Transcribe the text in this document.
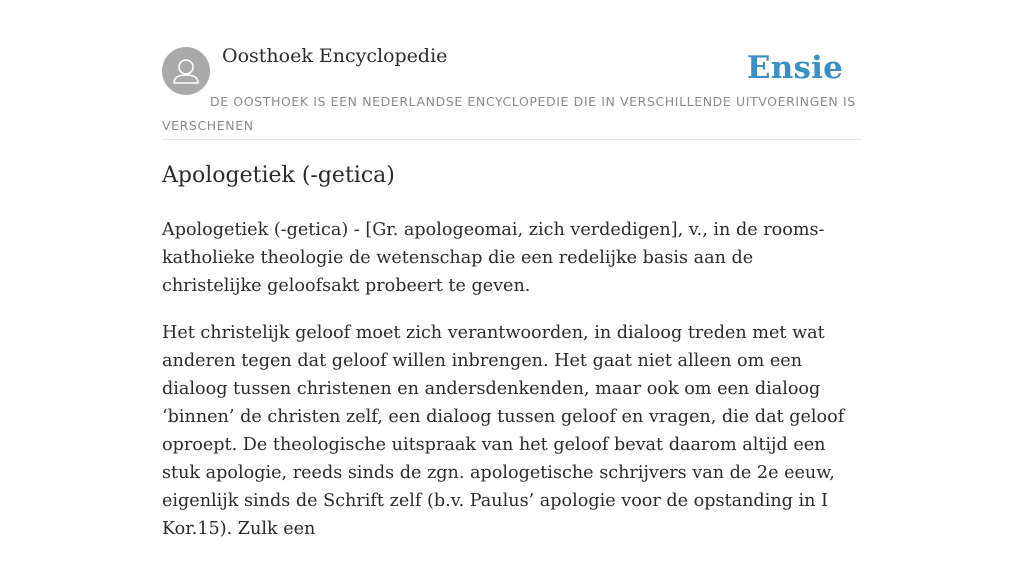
Oosthoek Encyclopedie	Ensie
DE OOSTHOEK IS EEN NEDERLANDSE ENCYCLOPEDIE DIE IN VERSCHILLENDE UITVOERINGEN IS VERSCHENEN
Apologetiek (-getica)

Apologetiek (-getica) - [Gr. apologeomai, zich verdedigen], v., in de rooms-katholieke theologie de wetenschap die een redelijke basis aan de christelijke geloofsakt probeert te geven.

Het christelijk geloof moet zich verantwoorden, in dialoog treden met wat anderen tegen dat geloof willen inbrengen. Het gaat niet alleen om een dialoog tussen christenen en andersdenkenden, maar ook om een dialoog ‘binnen’ de christen zelf, een dialoog tussen geloof en vragen, die dat geloof oproept. De theologische uitspraak van het geloof bevat daarom altijd een stuk apologie, reeds sinds de zgn. apologetische schrijvers van de 2e eeuw, eigenlijk sinds de Schrift zelf (b.v. Paulus’ apologie voor de opstanding in I Kor.15). Zulk een
